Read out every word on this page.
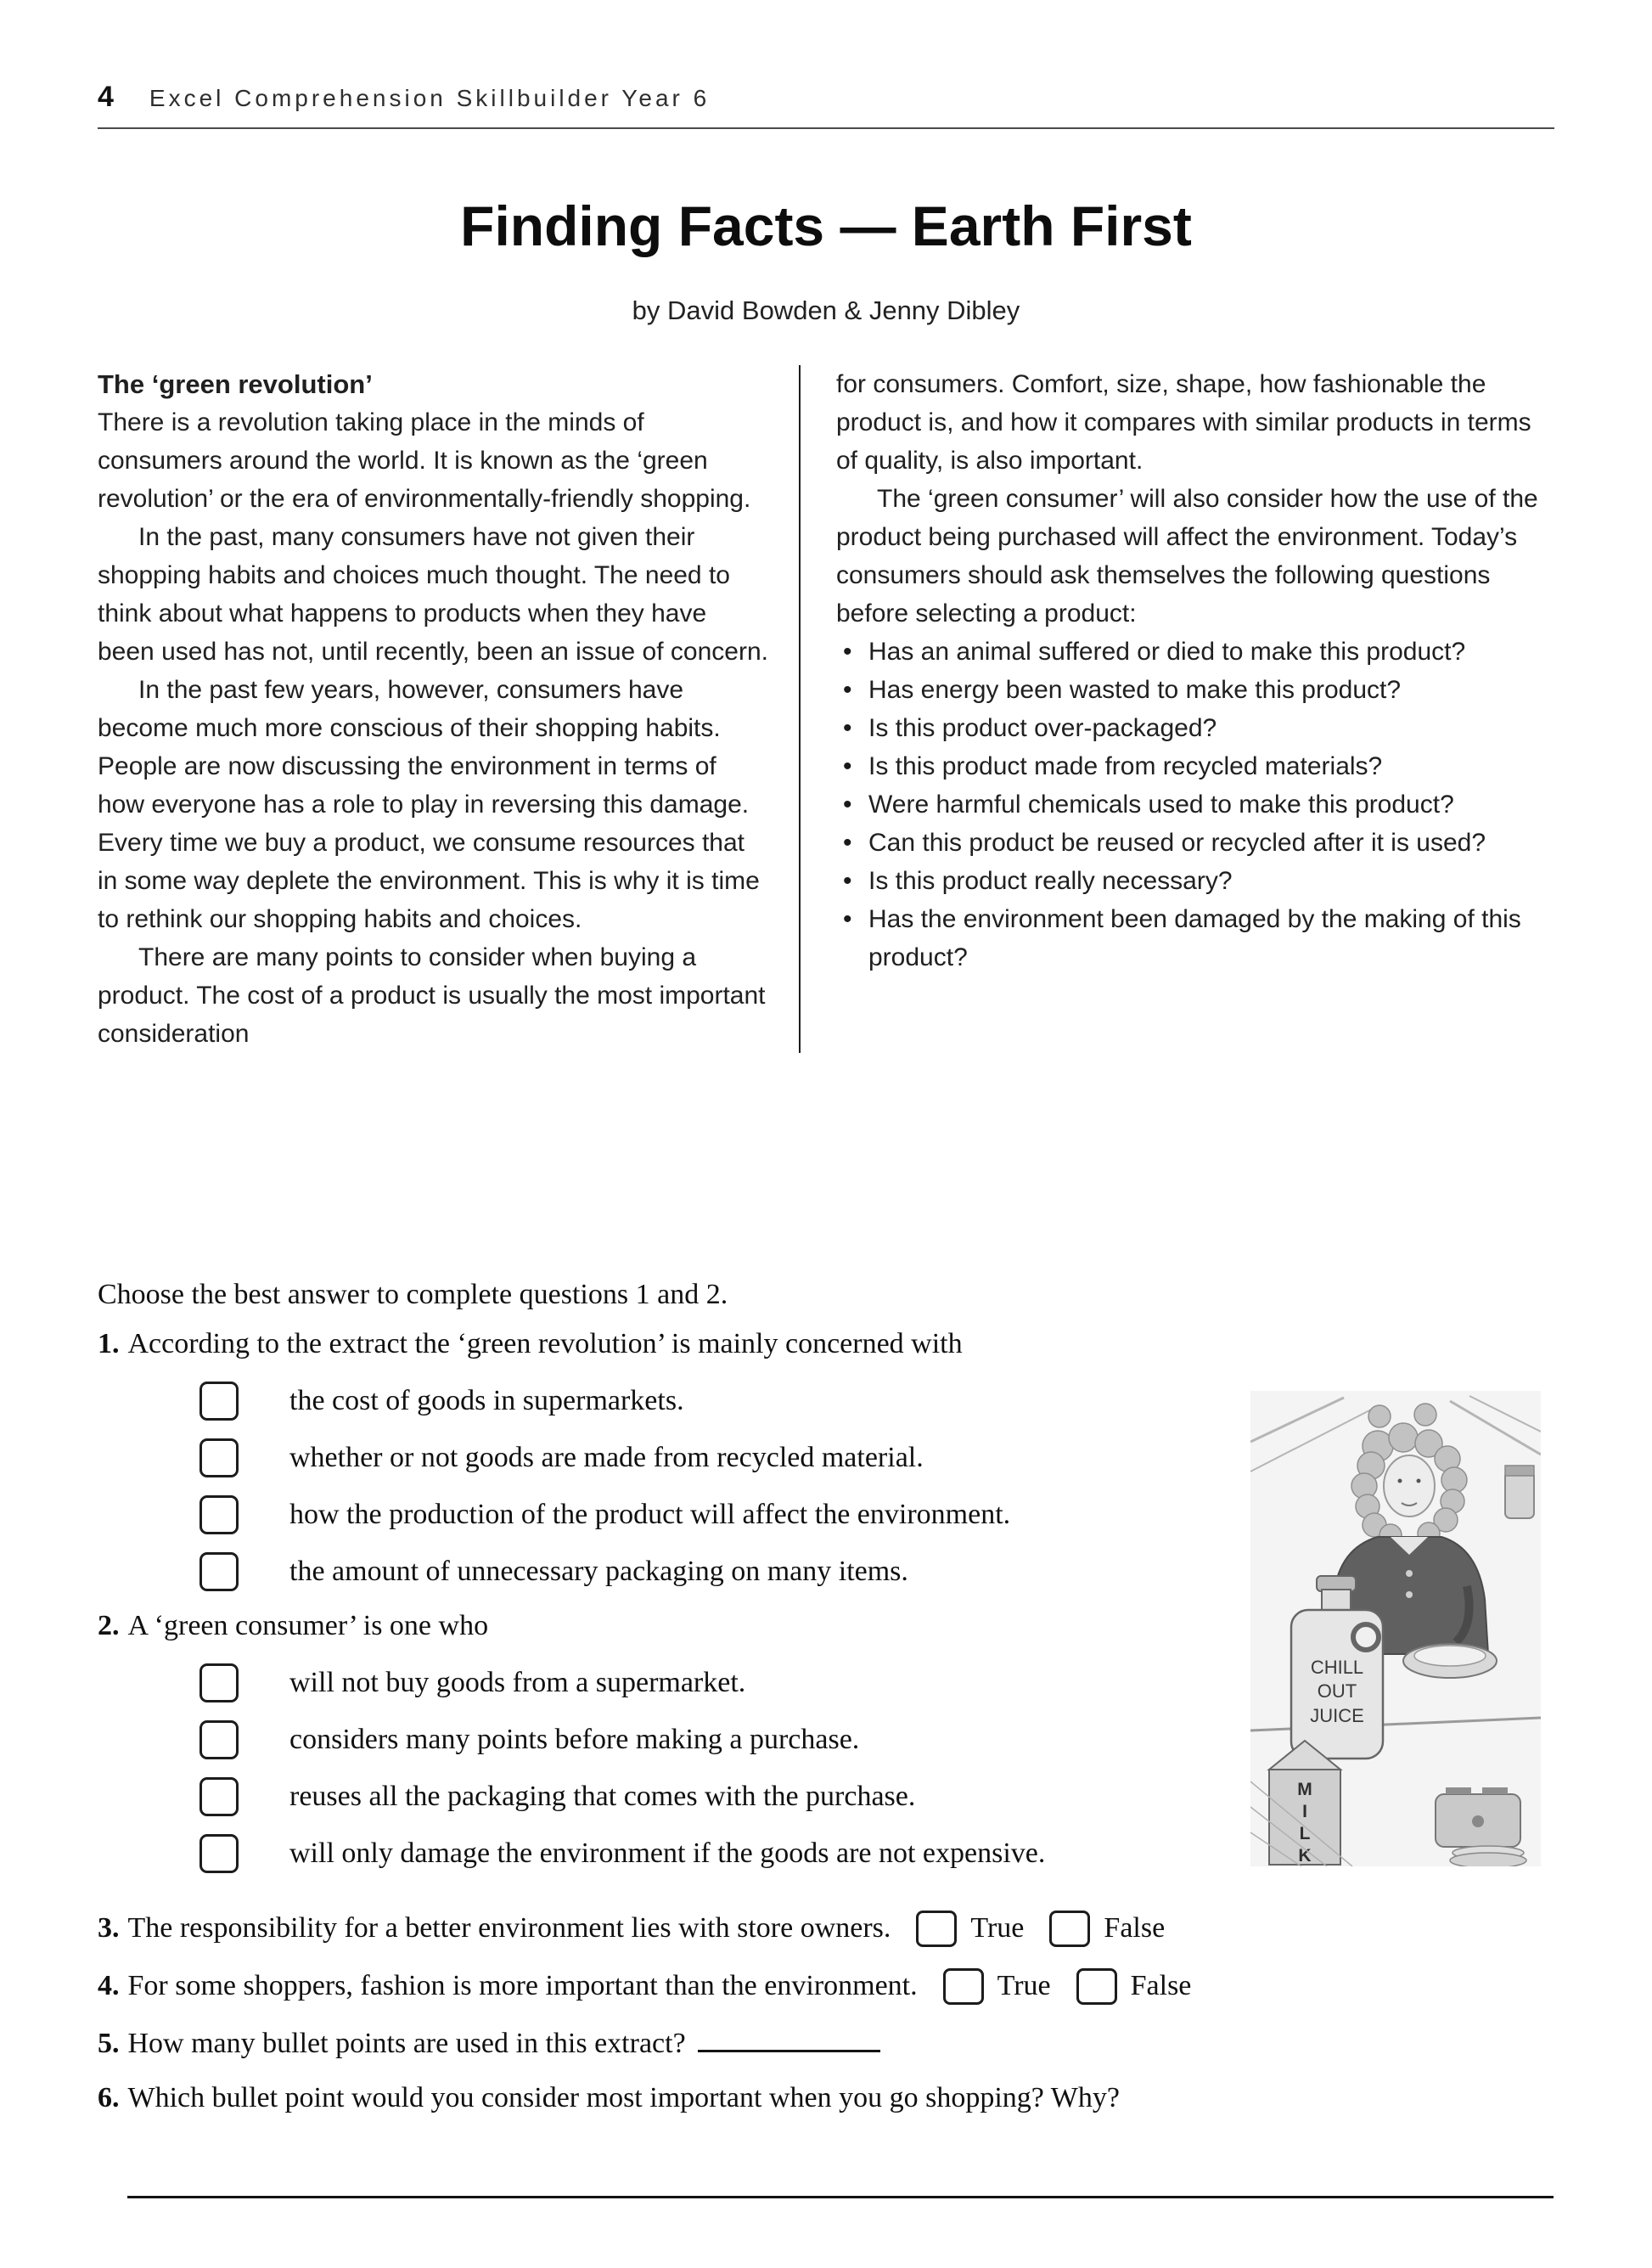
4 Excel Comprehension Skillbuilder Year 6
Finding Facts — Earth First
by David Bowden & Jenny Dibley
The ‘green revolution’

There is a revolution taking place in the minds of consumers around the world. It is known as the ‘green revolution’ or the era of environmentally-friendly shopping.

In the past, many consumers have not given their shopping habits and choices much thought. The need to think about what happens to products when they have been used has not, until recently, been an issue of concern.

In the past few years, however, consumers have become much more conscious of their shopping habits. People are now discussing the environment in terms of how everyone has a role to play in reversing this damage. Every time we buy a product, we consume resources that in some way deplete the environment. This is why it is time to rethink our shopping habits and choices.

There are many points to consider when buying a product. The cost of a product is usually the most important consideration

for consumers. Comfort, size, shape, how fashionable the product is, and how it compares with similar products in terms of quality, is also important.

The ‘green consumer’ will also consider how the use of the product being purchased will affect the environment. Today’s consumers should ask themselves the following questions before selecting a product:

• Has an animal suffered or died to make this product?
• Has energy been wasted to make this product?
• Is this product over-packaged?
• Is this product made from recycled materials?
• Were harmful chemicals used to make this product?
• Can this product be reused or recycled after it is used?
• Is this product really necessary?
• Has the environment been damaged by the making of this product?
Choose the best answer to complete questions 1 and 2.
1. According to the extract the ‘green revolution’ is mainly concerned with
the cost of goods in supermarkets.
whether or not goods are made from recycled material.
how the production of the product will affect the environment.
the amount of unnecessary packaging on many items.
2. A ‘green consumer’ is one who
will not buy goods from a supermarket.
considers many points before making a purchase.
reuses all the packaging that comes with the purchase.
will only damage the environment if the goods are not expensive.
3. The responsibility for a better environment lies with store owners.	True	False
4. For some shoppers, fashion is more important than the environment.	True	False
5. How many bullet points are used in this extract?
6. Which bullet point would you consider most important when you go shopping? Why?
CHILL
OUT
JUICE
M
I
L
K
